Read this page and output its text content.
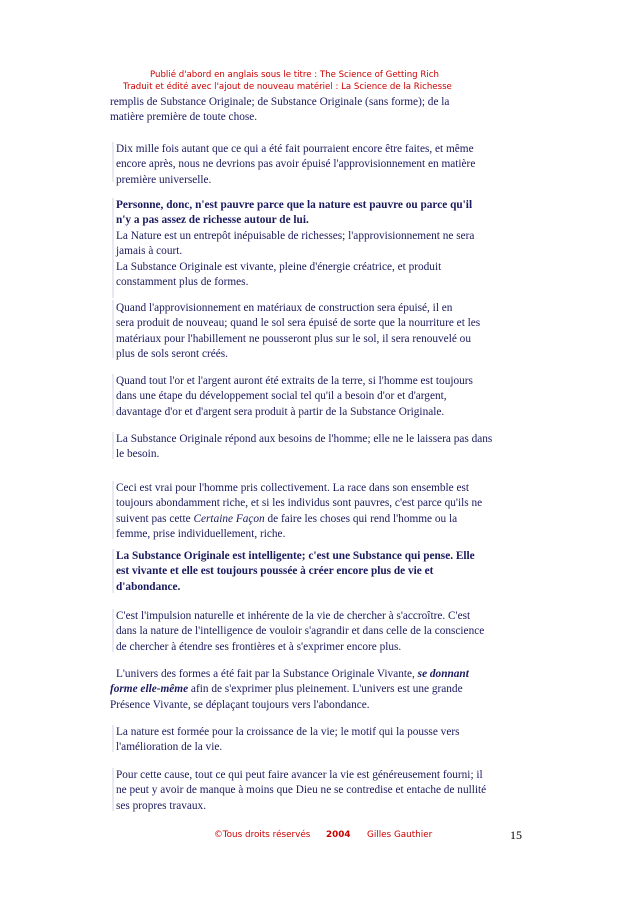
Publié d'abord en anglais sous le titre : The Science of Getting Rich
Traduit et édité avec l'ajout de nouveau matériel : La Science de la Richesse
remplis de Substance Originale; de Substance Originale (sans forme); de la
matière première de toute chose.
Dix mille fois autant que ce qui a été fait pourraient encore être faites, et même
encore après, nous ne devrions pas avoir épuisé l'approvisionnement en matière
première universelle.
Personne, donc, n'est pauvre parce que la nature est pauvre ou parce qu'il
n'y a pas assez de richesse autour de lui.
La Nature est un entrepôt inépuisable de richesses; l'approvisionnement ne sera
jamais à court.
La Substance Originale est vivante, pleine d'énergie créatrice, et produit
constamment plus de formes.
Quand l'approvisionnement en matériaux de construction sera épuisé, il en
sera produit de nouveau; quand le sol sera épuisé de sorte que la nourriture et les
matériaux pour l'habillement ne pousseront plus sur le sol, il sera renouvelé ou
plus de sols seront créés.
Quand tout l'or et l'argent auront été extraits de la terre, si l'homme est toujours
dans une étape du développement social tel qu'il a besoin d'or et d'argent,
davantage d'or et d'argent sera produit à partir de la Substance Originale.
La Substance Originale répond aux besoins de l'homme; elle ne le laissera pas dans
le besoin.
Ceci est vrai pour l'homme pris collectivement. La race dans son ensemble est
toujours abondamment riche, et si les individus sont pauvres, c'est parce qu'ils ne
suivent pas cette Certaine Façon de faire les choses qui rend l'homme ou la
femme, prise individuellement, riche.
La Substance Originale est intelligente; c'est une Substance qui pense. Elle
est vivante et elle est toujours poussée à créer encore plus de vie et
d'abondance.
C'est l'impulsion naturelle et inhérente de la vie de chercher à s'accroître. C'est
dans la nature de l'intelligence de vouloir s'agrandir et dans celle de la conscience
de chercher à étendre ses frontières et à s'exprimer encore plus.
L'univers des formes a été fait par la Substance Originale Vivante, se donnant
forme elle-même afin de s'exprimer plus pleinement. L'univers est une grande
Présence Vivante, se déplaçant toujours vers l'abondance.
La nature est formée pour la croissance de la vie; le motif qui la pousse vers
l'amélioration de la vie.
Pour cette cause, tout ce qui peut faire avancer la vie est généreusement fourni; il
ne peut y avoir de manque à moins que Dieu ne se contredise et entache de nullité
ses propres travaux.
©Tous droits réservés 2004 Gilles Gauthier	15
